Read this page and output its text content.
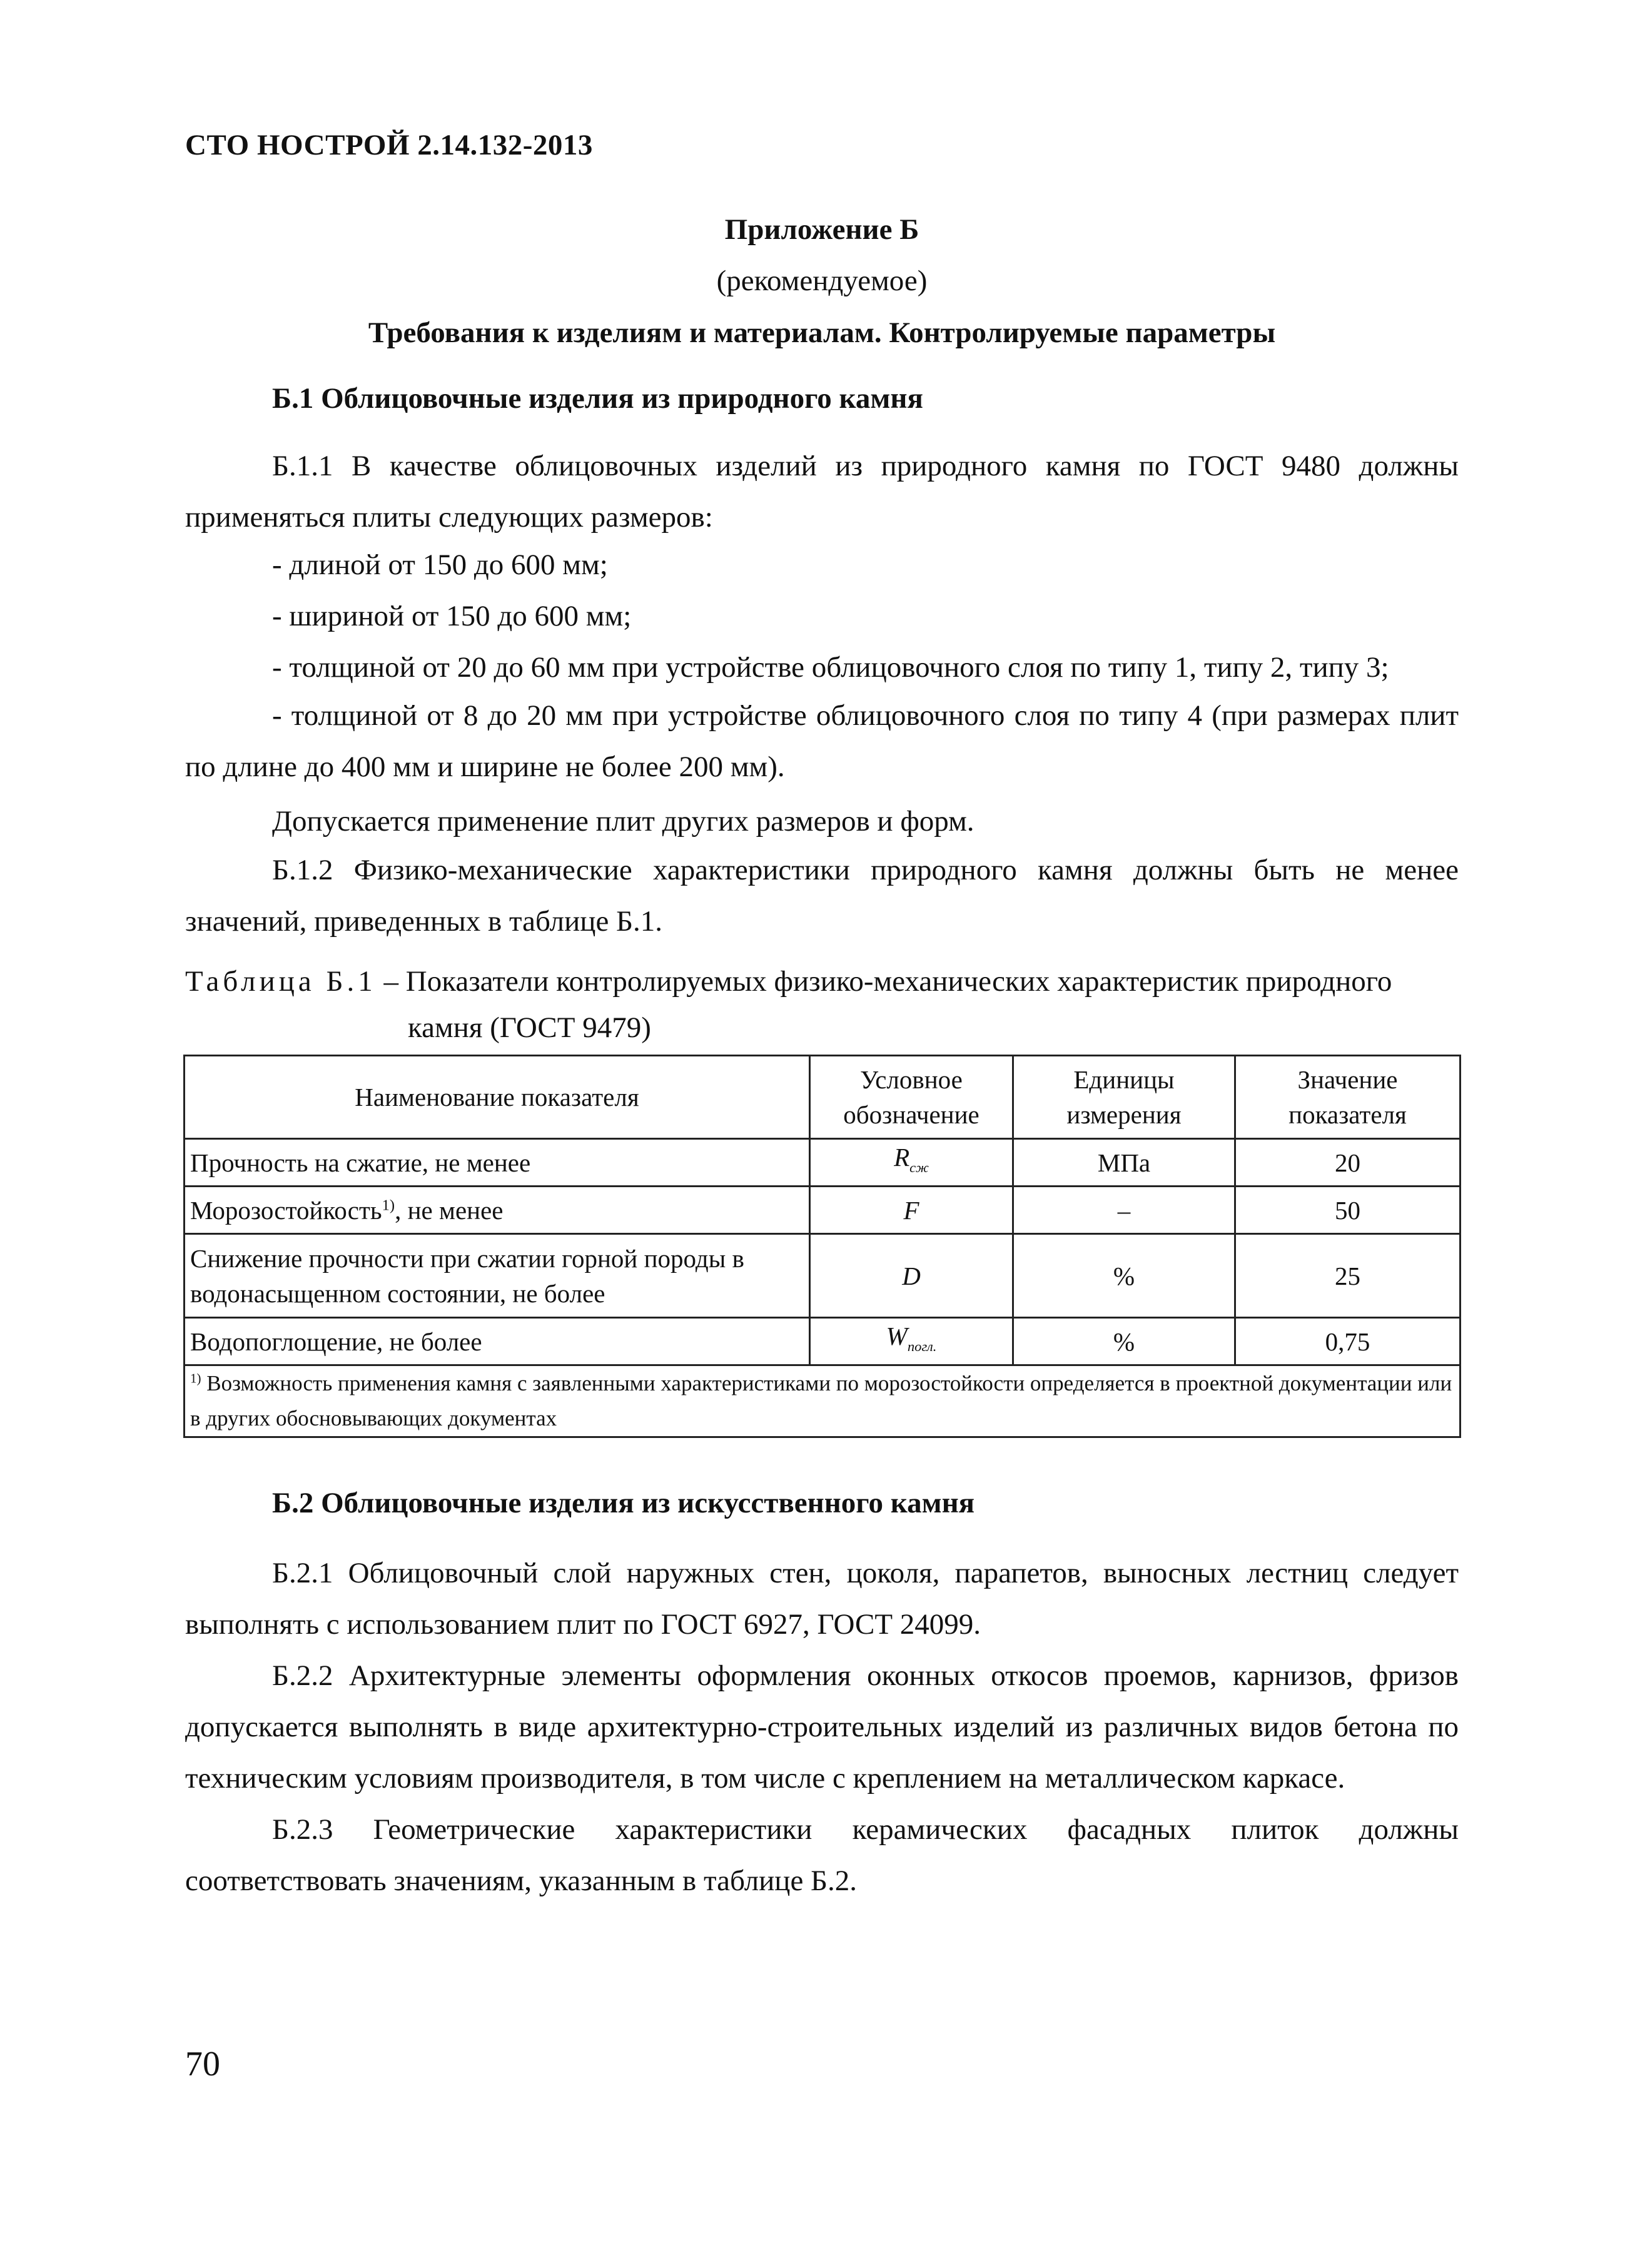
СТО НОСТРОЙ 2.14.132-2013
Приложение Б
(рекомендуемое)
Требования к изделиям и материалам. Контролируемые параметры
Б.1 Облицовочные изделия из природного камня

Б.1.1 В качестве облицовочных изделий из природного камня по ГОСТ 9480 должны применяться плиты следующих размеров:

- длиной от 150 до 600 мм;
- шириной от 150 до 600 мм;
- толщиной от 20 до 60 мм при устройстве облицовочного слоя по типу 1, типу 2, типу 3;

- толщиной от 8 до 20 мм при устройстве облицовочного слоя по типу 4 (при размерах плит по длине до 400 мм и ширине не более 200 мм).

Допускается применение плит других размеров и форм.

Б.1.2 Физико-механические характеристики природного камня должны быть не менее значений, приведенных в таблице Б.1.

Таблица Б.1 – Показатели контролируемых физико-механических характеристик природного
камня (ГОСТ 9479)
Наименование показателя	Условное обозначение	Единицы измерения	Значение показателя
Прочность на сжатие, не менее	$R_{сж}$	МПа	20
Морозостойкость$^{1)}$, не менее	F	–	50
Снижение прочности при сжатии горной породы в водонасыщенном состоянии, не более	D	%	25
Водопоглощение, не более	$W_{погл.}$	%	0,75
$^{1)}$ Возможность применения камня с заявленными характеристиками по морозостойкости определяется в проектной документации или в других обосновывающих документах			
Б.2 Облицовочные изделия из искусственного камня

Б.2.1 Облицовочный слой наружных стен, цоколя, парапетов, выносных лестниц следует выполнять с использованием плит по ГОСТ 6927, ГОСТ 24099.

Б.2.2 Архитектурные элементы оформления оконных откосов проемов, карнизов, фризов допускается выполнять в виде архитектурно-строительных изделий из различных видов бетона по техническим условиям производителя, в том числе с креплением на металлическом каркасе.

Б.2.3 Геометрические характеристики керамических фасадных плиток должны соответствовать значениям, указанным в таблице Б.2.

70
